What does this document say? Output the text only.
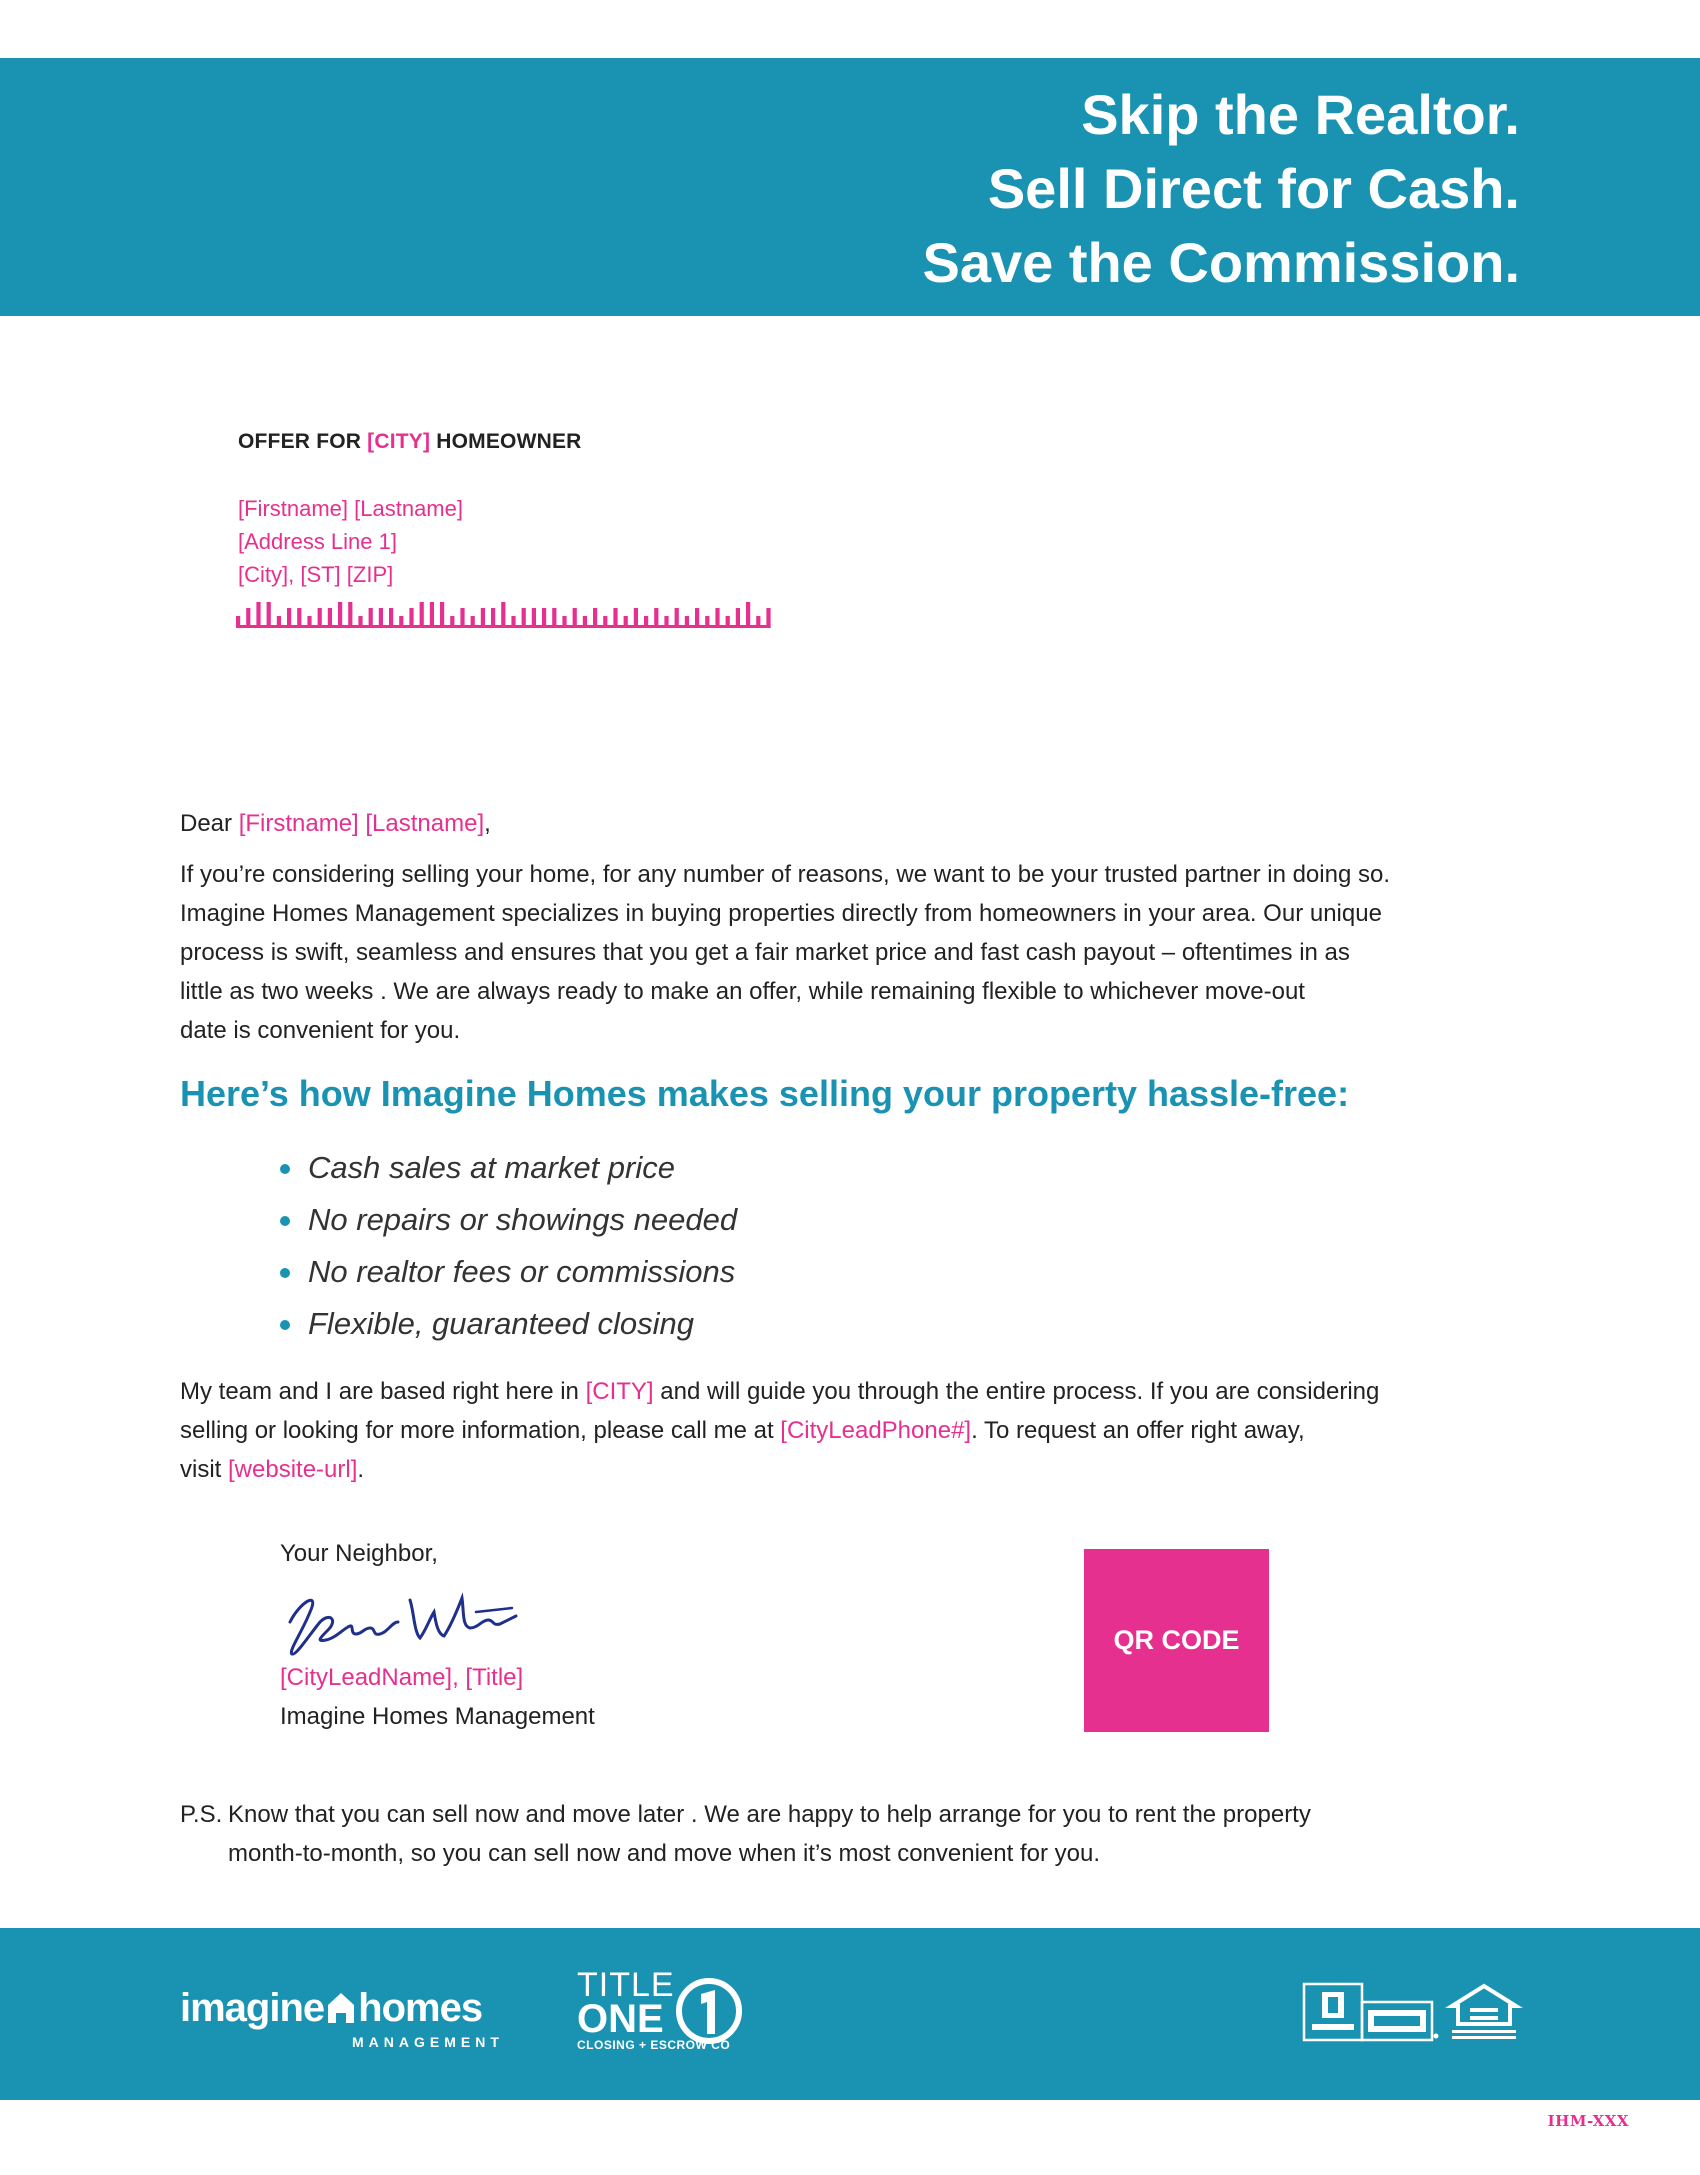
Skip the Realtor.
Sell Direct for Cash.
Save the Commission.
OFFER FOR [CITY] HOMEOWNER
[Firstname] [Lastname]
[Address Line 1]
[City], [ST] [ZIP]
Dear [Firstname] [Lastname],
If you’re considering selling your home, for any number of reasons, we want to be your trusted partner in doing so.
Imagine Homes Management specializes in buying properties directly from homeowners in your area. Our unique
process is swift, seamless and ensures that you get a fair market price and fast cash payout – oftentimes in as
little as two weeks . We are always ready to make an offer, while remaining flexible to whichever move-out
date is convenient for you.
Here’s how Imagine Homes makes selling your property hassle-free:
Cash sales at market price
No repairs or showings needed
No realtor fees or commissions
Flexible, guaranteed closing
My team and I are based right here in [CITY] and will guide you through the entire process. If you are considering
selling or looking for more information, please call me at [CityLeadPhone#]. To request an offer right away,
visit [website-url].
Your Neighbor,
[CityLeadName], [Title]
Imagine Homes Management
QR CODE
P.S. Know that you can sell now and move later . We are happy to help arrange for you to rent the property
month-to-month, so you can sell now and move when it’s most convenient for you.
imagine homes
MANAGEMENT
TITLE
ONE
CLOSING + ESCROW CO
IHM-XXX
